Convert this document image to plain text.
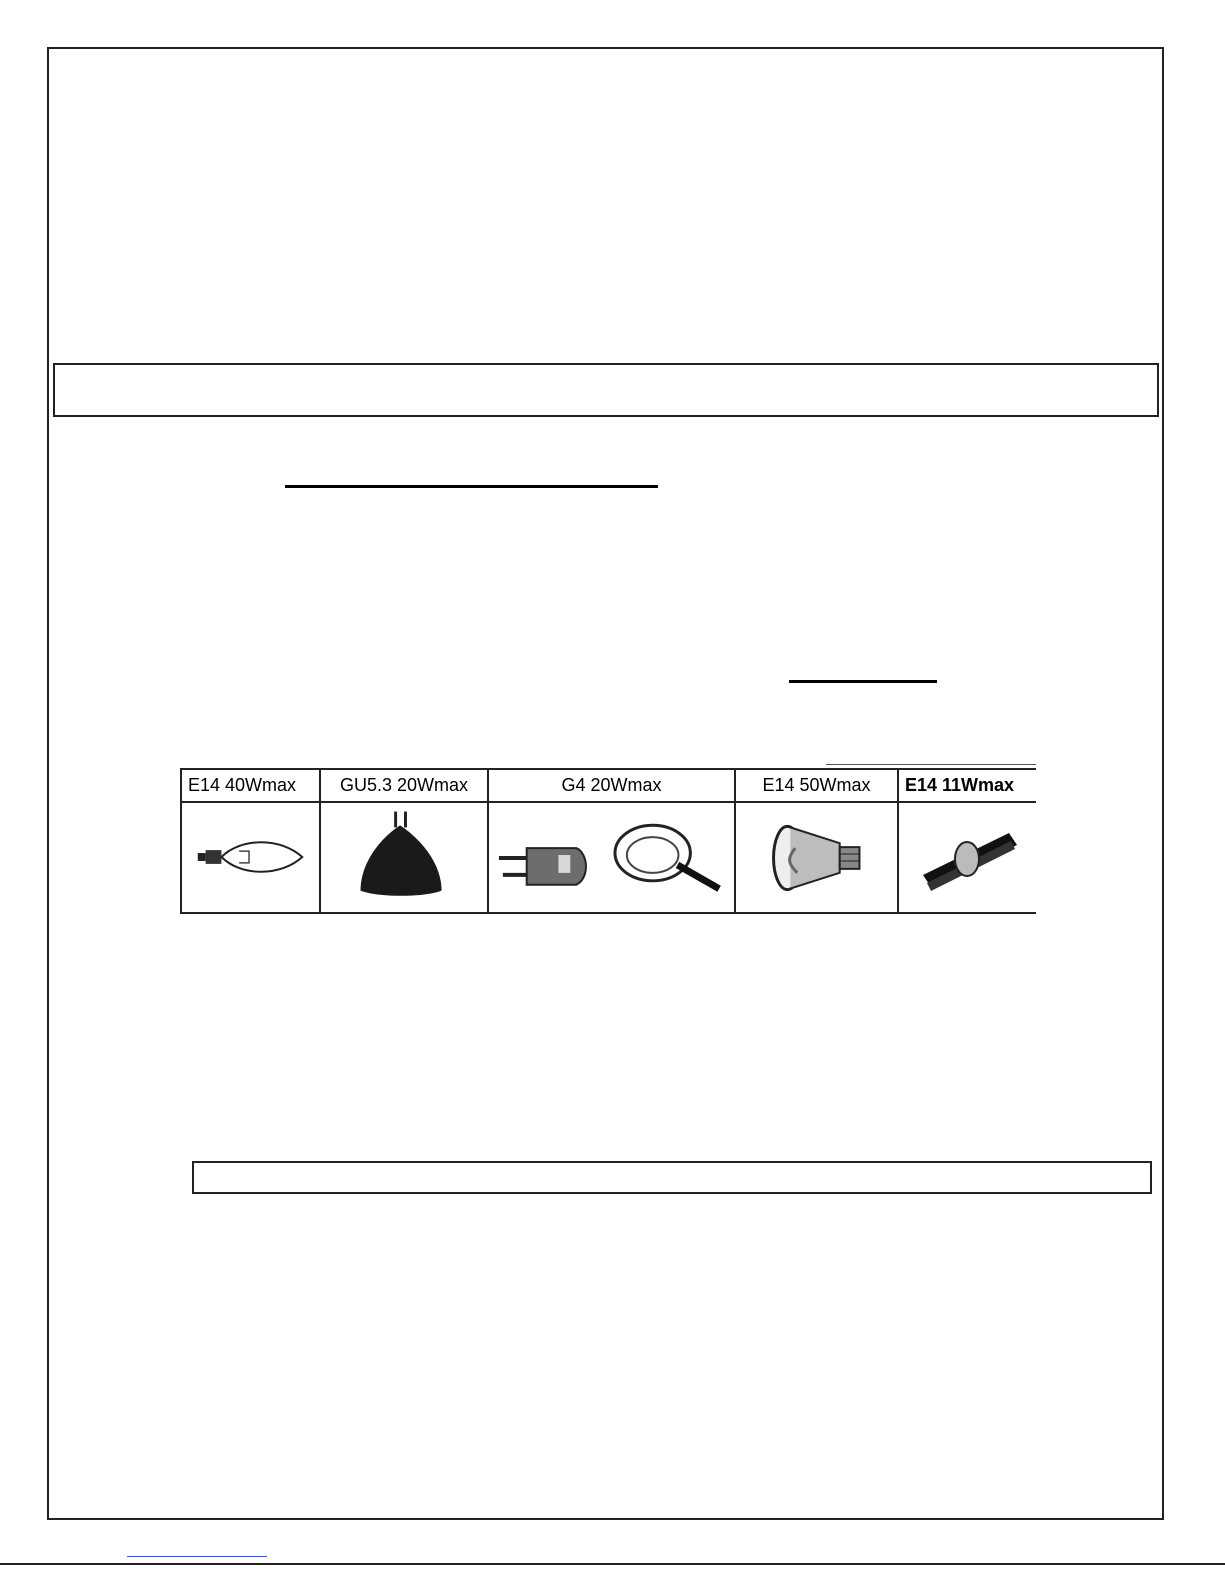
E14 40Wmax	GU5.3 20Wmax	G4 20Wmax	E14 50Wmax	E14 11Wmax
